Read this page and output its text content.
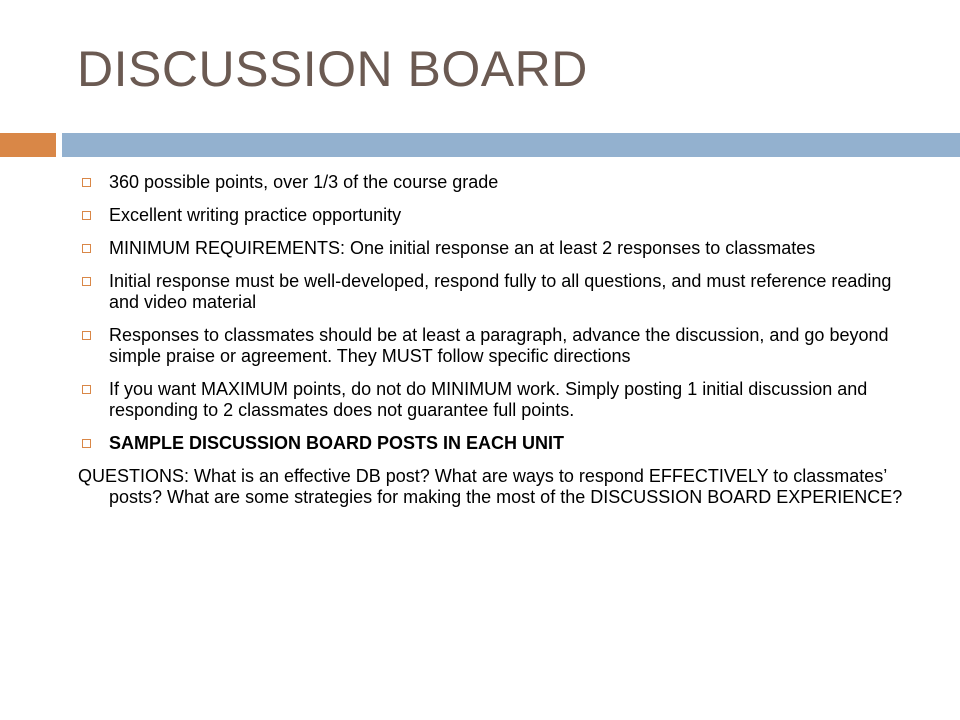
DISCUSSION BOARD
360 possible points, over 1/3 of the course grade
Excellent writing practice opportunity
MINIMUM REQUIREMENTS: One initial response an at least 2 responses to classmates
Initial response must be well-developed, respond fully to all questions, and must reference reading and video material
Responses to classmates should be at least a paragraph, advance the discussion, and go beyond simple praise or agreement. They MUST follow specific directions
If you want MAXIMUM points, do not do MINIMUM work. Simply posting 1 initial discussion and responding to 2 classmates does not guarantee full points.
SAMPLE DISCUSSION BOARD POSTS IN EACH UNIT
QUESTIONS: What is an effective DB post? What are ways to respond EFFECTIVELY to classmates’ posts? What are some strategies for making the most of the DISCUSSION BOARD EXPERIENCE?
